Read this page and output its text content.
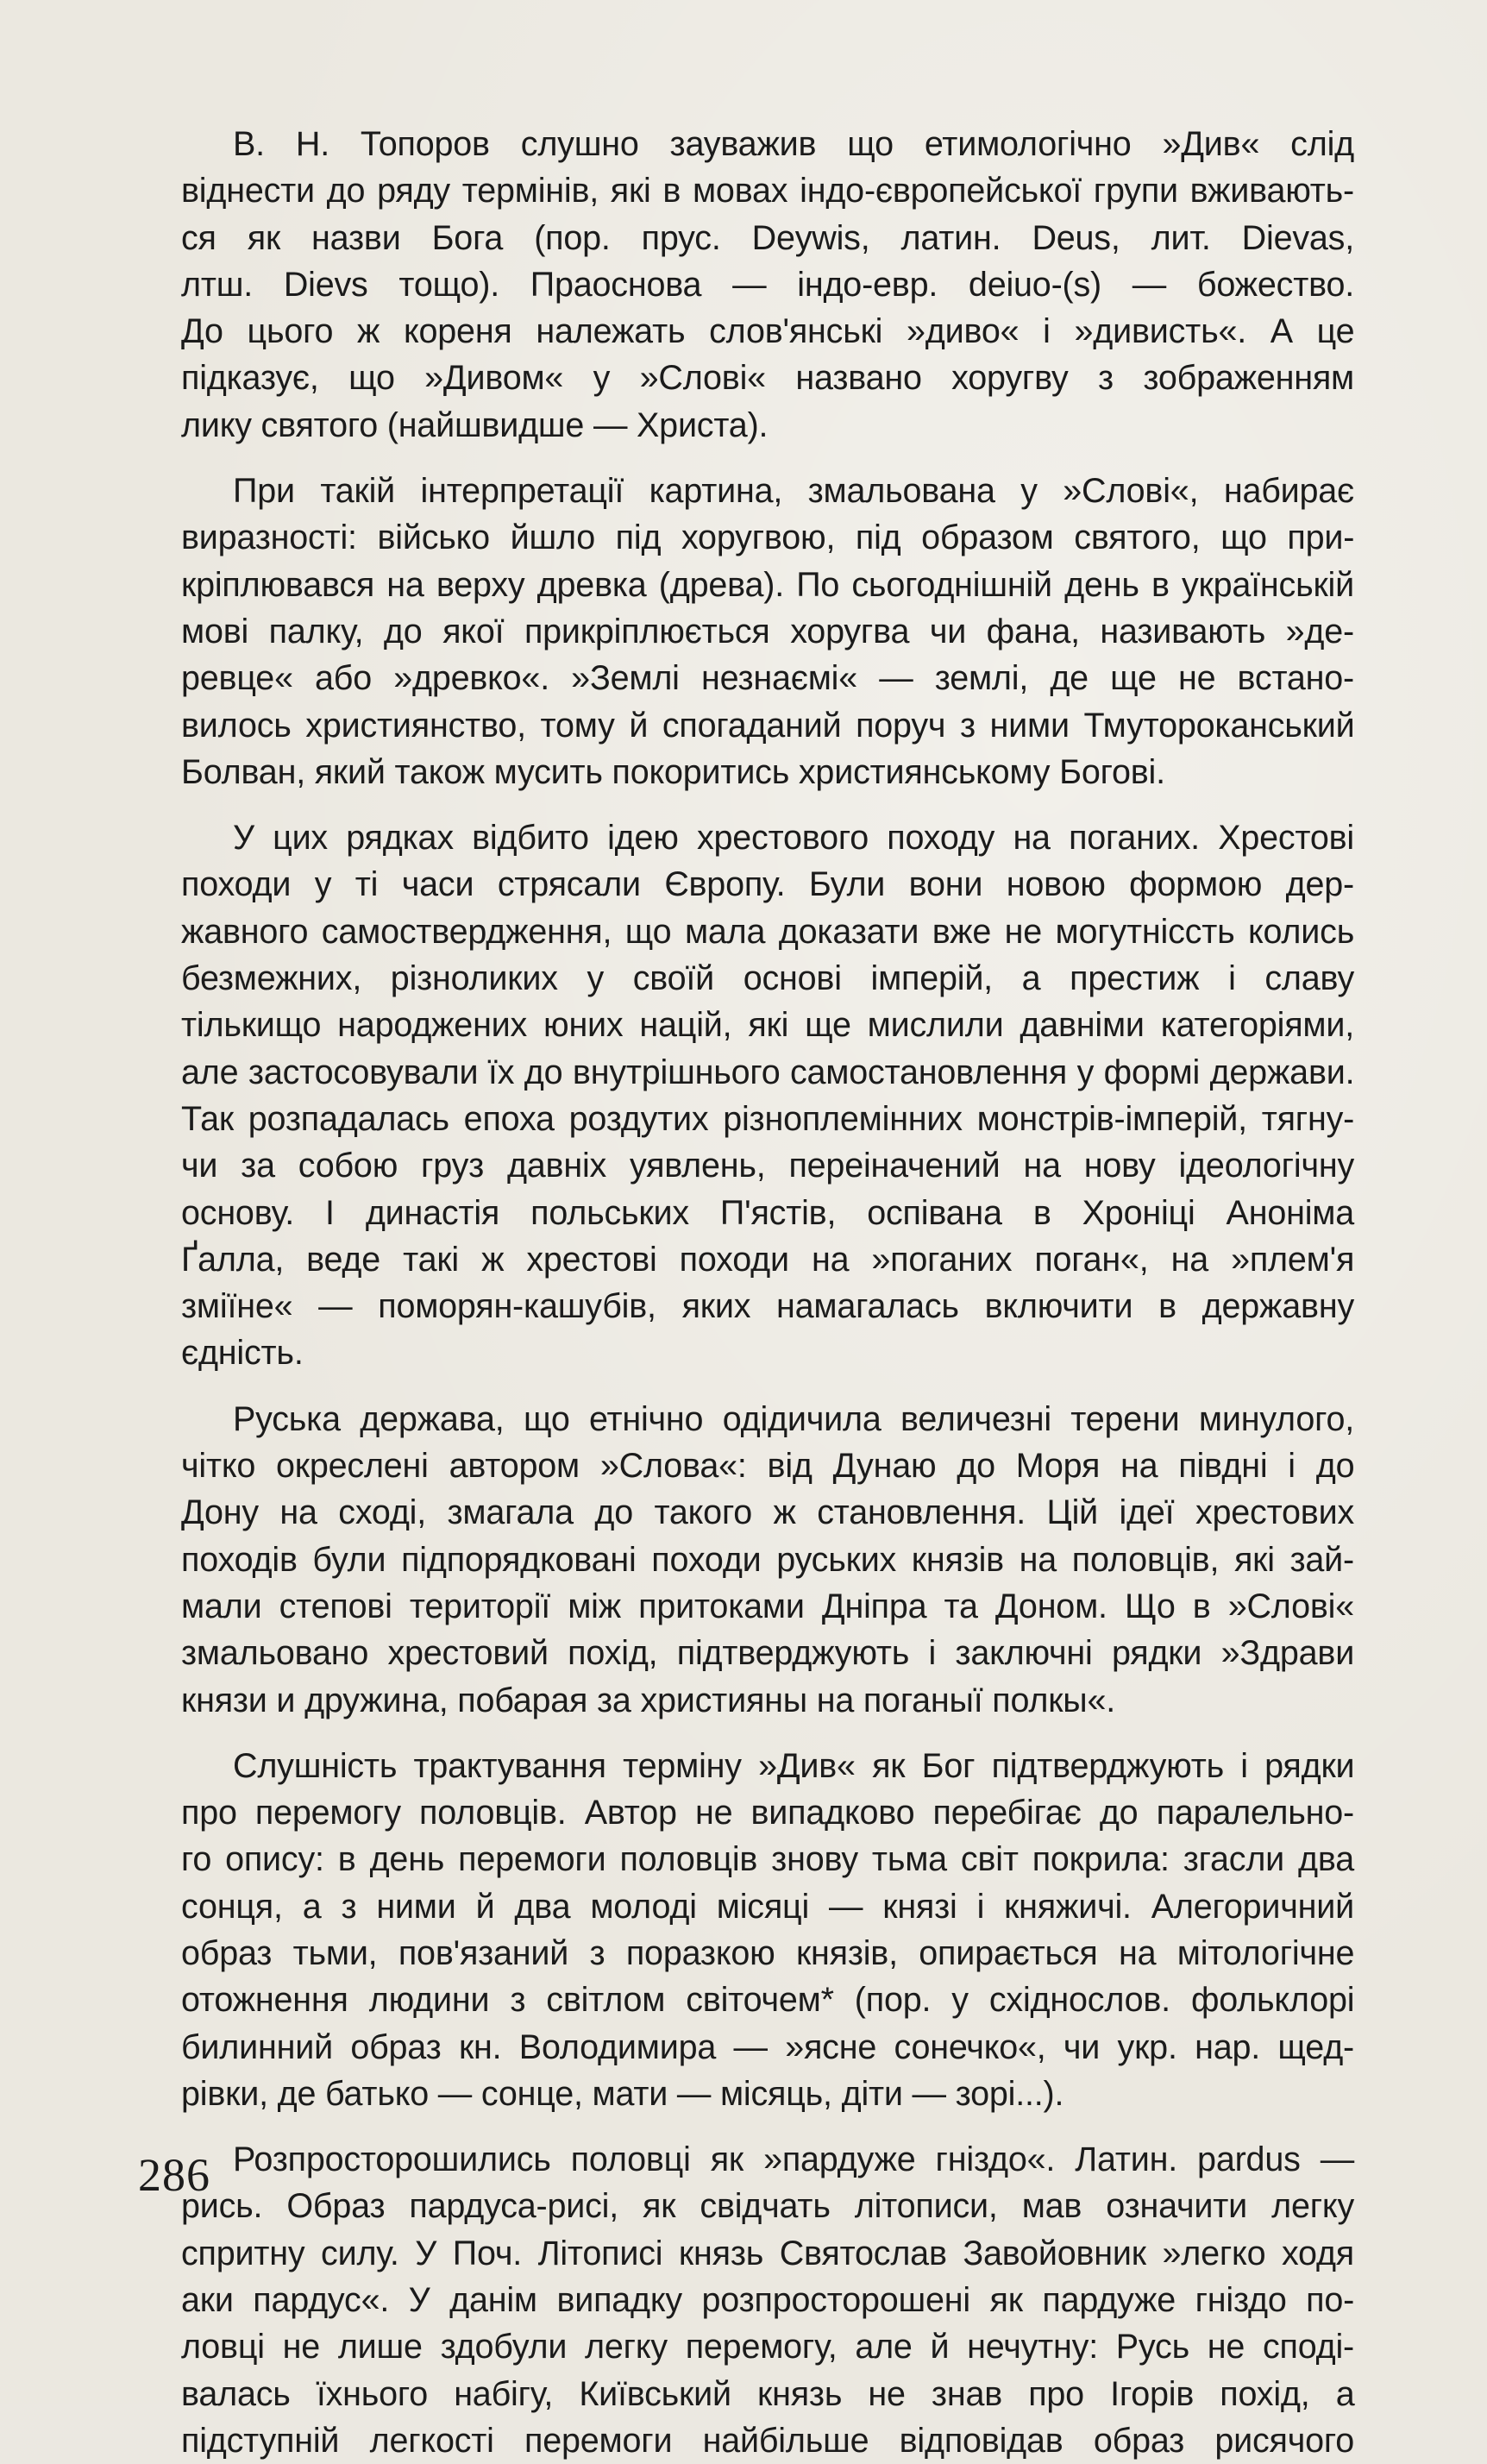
В. Н. Топоров слушно зауважив що етимологічно »Див« слід
віднести до ряду термінів, які в мовах індо-європейської групи вживають-
ся як назви Бога (пор. прус. Deywis, латин. Deus, лит. Dievas,
лтш. Dievs тощо). Праоснова — індо-евр. deiuo-(s) — божество.
До цього ж кореня належать слов'янські »диво« і »дивисть«. А це
підказує, що »Дивом« у »Слові« названо хоругву з зображенням
лику святого (найшвидше — Христа).

При такій інтерпретації картина, змальована у »Слові«, набирає
виразності: військо йшло під хоругвою, під образом святого, що при-
кріплювався на верху древка (древа). По сьогоднішній день в українській
мові палку, до якої прикріплюється хоругва чи фана, називають »де-
ревце« або »древко«. »Землі незнаємі« — землі, де ще не встано-
вилось християнство, тому й спогаданий поруч з ними Тмутороканський
Болван, який також мусить покоритись християнському Богові.

У цих рядках відбито ідею хрестового походу на поганих. Хрестові
походи у ті часи стрясали Європу. Були вони новою формою дер-
жавного самоствердження, що мала доказати вже не могутнісcть колись
безмежних, різноликих у своїй основі імперій, а престиж і славу
тількищо народжених юних націй, які ще мислили давніми категоріями,
але застосовували їх до внутрішнього самостановлення у формі держави.
Так розпадалась епоха роздутих різноплемінних монстрів-імперій, тягну-
чи за собою груз давніх уявлень, переіначений на нову ідеологічну
основу. І династія польських П'ястів, оспівана в Хроніці Аноніма
Ґалла, веде такі ж хрестові походи на »поганих поган«, на »плем'я
зміїне« — поморян-кашубів, яких намагалась включити в державну
єдність.

Руська держава, що етнічно одідичила величезні терени минулого,
чітко окреслені автором »Слова«: від Дунаю до Моря на півдні і до
Дону на сході, змагала до такого ж становлення. Цій ідеї хрестових
походів були підпорядковані походи руських князів на половців, які зай-
мали степові території між притоками Дніпра та Доном. Що в »Слові«
змальовано хрестовий похід, підтверджують і заключні рядки »Здрави
князи и дружина, побарая за християны на поганыї полкы«.

Слушність трактування терміну »Див« як Бог підтверджують і рядки
про перемогу половців. Автор не випадково перебігає до паралельно-
го опису: в день перемоги половців знову тьма світ покрила: згасли два
сонця, а з ними й два молоді місяці — князі і княжичі. Алегоричний
образ тьми, пов'язаний з поразкою князів, опирається на мітологічне
отожнення людини з світлом світочем* (пор. у східнослов. фольклорі
билинний образ кн. Володимира — »ясне сонечко«, чи укр. нар. щед-
рівки, де батько — сонце, мати — місяць, діти — зорі...).

Розпросторошились половці як »пардуже гніздо«. Латин. pardus —
рись. Образ пардуса-рисі, як свідчать літописи, мав означити легку
спритну силу. У Поч. Літописі князь Святослав Завойовник »легко ходя
аки пардус«. У данім випадку розпросторошені як пардуже гніздо по-
ловці не лише здобули легку перемогу, але й нечутну: Русь не споді-
валась їхнього набігу, Київський князь не знав про Ігорів похід, а
підступній легкості перемоги найбільше відповідав образ рисячого

286
